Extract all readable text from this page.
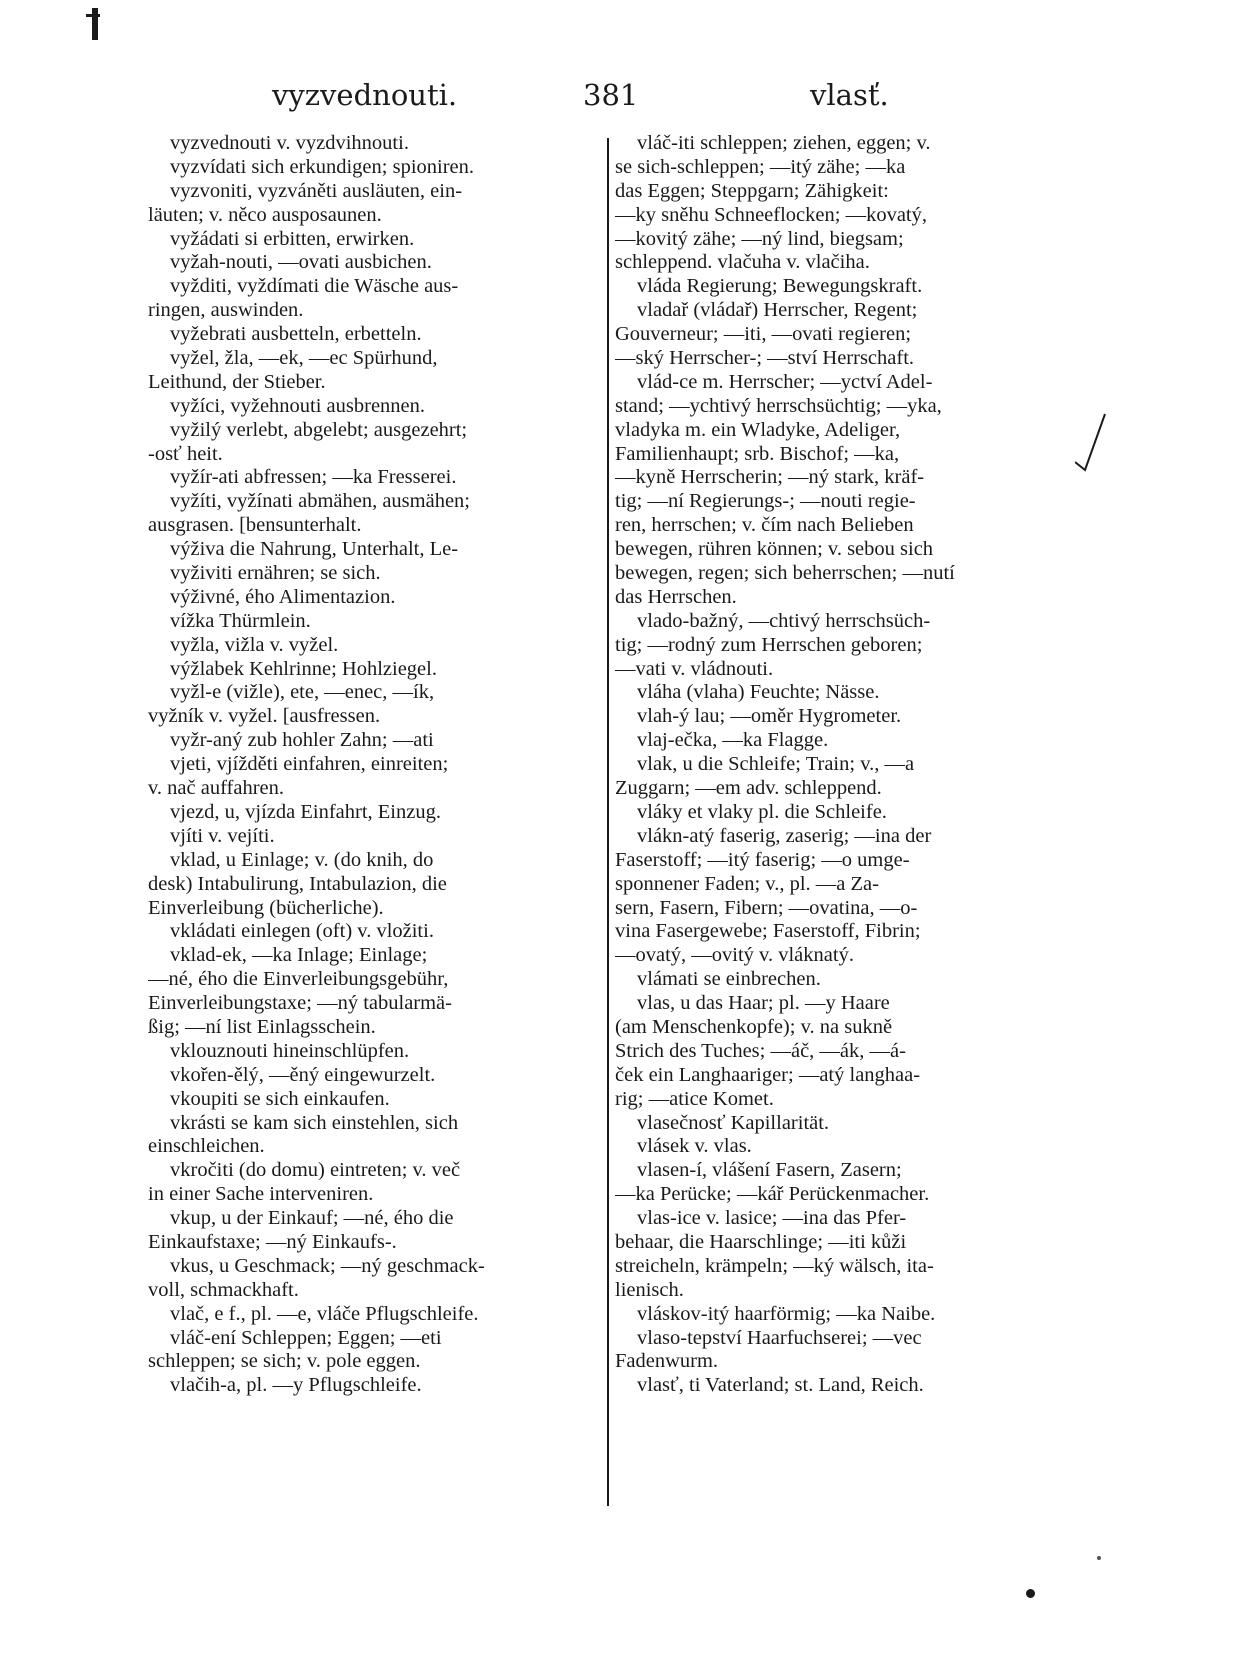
vyzvednouti.	381	vlasť.
vyzvednouti v. vyzdvihnouti.
vyzvídati sich erkundigen; spioniren.
vyzvoniti, vyzváněti ausläuten, ein-
läuten; v. něco ausposaunen.
vyžádati si erbitten, erwirken.
vyžah-nouti, —ovati ausbichen.
vyžditi, vyždímati die Wäsche aus-
ringen, auswinden.
vyžebrati ausbetteln, erbetteln.
vyžel, žla, —ek, —ec Spürhund,
Leithund, der Stieber.
vyžíci, vyžehnouti ausbrennen.
vyžilý verlebt, abgelebt; ausgezehrt;
-osť heit.
vyžír-ati abfressen; —ka Fresserei.
vyžíti, vyžínati abmähen, ausmähen;
ausgrasen. [bensunterhalt.
výživa die Nahrung, Unterhalt, Le-
vyživiti ernähren; se sich.
výživné, ého Alimentazion.
vížka Thürmlein.
vyžla, vižla v. vyžel.
výžlabek Kehlrinne; Hohlziegel.
vyžl-e (vižle), ete, —enec, —ík,
vyžník v. vyžel. [ausfressen.
vyžr-aný zub hohler Zahn; —ati
vjeti, vjížděti einfahren, einreiten;
v. nač auffahren.
vjezd, u, vjízda Einfahrt, Einzug.
vjíti v. vejíti.
vklad, u Einlage; v. (do knih, do
desk) Intabulirung, Intabulazion, die
Einverleibung (bücherliche).
vkládati einlegen (oft) v. vložiti.
vklad-ek, —ka Inlage; Einlage;
—né, ého die Einverleibungsgebühr,
Einverleibungstaxe; —ný tabularmä-
ßig; —ní list Einlagsschein.
vklouznouti hineinschlüpfen.
vkořen-ělý, —ěný eingewurzelt.
vkoupiti se sich einkaufen.
vkrásti se kam sich einstehlen, sich
einschleichen.
vkročiti (do domu) eintreten; v. več
in einer Sache interveniren.
vkup, u der Einkauf; —né, ého die
Einkaufstaxe; —ný Einkaufs-.
vkus, u Geschmack; —ný geschmack-
voll, schmackhaft.
vlač, e f., pl. —e, vláče Pflugschleife.
vláč-ení Schleppen; Eggen; —eti
schleppen; se sich; v. pole eggen.
vlačih-a, pl. —y Pflugschleife.
vláč-iti schleppen; ziehen, eggen; v.
se sich-schleppen; —itý zähe; —ka
das Eggen; Steppgarn; Zähigkeit:
—ky sněhu Schneeflocken; —kovatý,
—kovitý zähe; —ný lind, biegsam;
schleppend. vlačuha v. vlačiha.
vláda Regierung; Bewegungskraft.
vladař (vládař) Herrscher, Regent;
Gouverneur; —iti, —ovati regieren;
—ský Herrscher-; —ství Herrschaft.
vlád-ce m. Herrscher; —yctví Adel-
stand; —ychtivý herrschsüchtig; —yka,
vladyka m. ein Wladyke, Adeliger,
Familienhaupt; srb. Bischof; —ka,
—kyně Herrscherin; —ný stark, kräf-
tig; —ní Regierungs-; —nouti regie-
ren, herrschen; v. čím nach Belieben
bewegen, rühren können; v. sebou sich
bewegen, regen; sich beherrschen; —nutí
das Herrschen.
vlado-bažný, —chtivý herrschsüch-
tig; —rodný zum Herrschen geboren;
—vati v. vládnouti.
vláha (vlaha) Feuchte; Nässe.
vlah-ý lau; —oměr Hygrometer.
vlaj-ečka, —ka Flagge.
vlak, u die Schleife; Train; v., —a
Zuggarn; —em adv. schleppend.
vláky et vlaky pl. die Schleife.
vlákn-atý faserig, zaserig; —ina der
Faserstoff; —itý faserig; —o umge-
sponnener Faden; v., pl. —a Za-
sern, Fasern, Fibern; —ovatina, —o-
vina Fasergewebe; Faserstoff, Fibrin;
—ovatý, —ovitý v. vláknatý.
vlámati se einbrechen.
vlas, u das Haar; pl. —y Haare
(am Menschenkopfe); v. na sukně
Strich des Tuches; —áč, —ák, —á-
ček ein Langhaariger; —atý langhaa-
rig; —atice Komet.
vlasečnosť Kapillarität.
vlásek v. vlas.
vlasen-í, vlášení Fasern, Zasern;
—ka Perücke; —kář Perückenmacher.
vlas-ice v. lasice; —ina das Pfer-
behaar, die Haarschlinge; —iti kůži
streicheln, krämpeln; —ký wälsch, ita-
lienisch.
vláskov-itý haarförmig; —ka Naibe.
vlaso-tepství Haarfuchserei; —vec
Fadenwurm.
vlasť, ti Vaterland; st. Land, Reich.
